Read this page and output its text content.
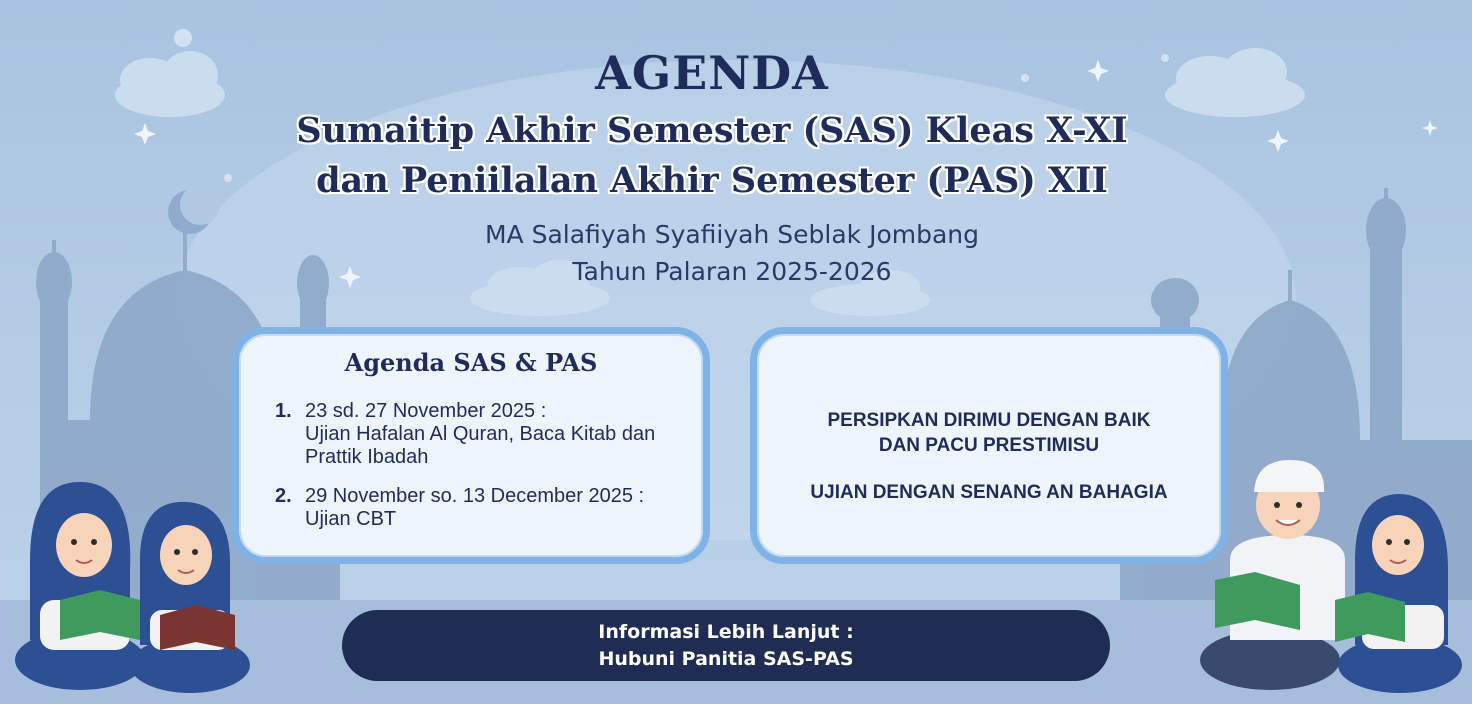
AGENDA
Sumaitip Akhir Semester (SAS) Kleas X-XI
dan Peniilalan Akhir Semester (PAS) XII
MA Salafiyah Syafiiyah Seblak Jombang
Tahun Palaran 2025-2026
Agenda SAS & PAS
1. 23 sd. 27 November 2025 :
Ujian Hafalan Al Quran, Baca Kitab dan Prattik Ibadah
2. 29 November so. 13 December 2025 :
Ujian CBT
PERSIPKAN DIRIMU DENGAN BAIK
DAN PACU PRESTIMISU
UJIAN DENGAN SENANG AN BAHAGIA
Informasi Lebih Lanjut :
Hubuni Panitia SAS-PAS
